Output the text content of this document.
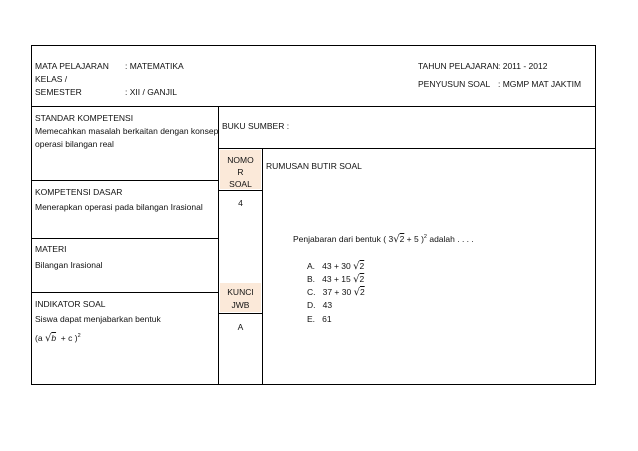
MATA PELAJARAN : MATEMATIKA
KELAS /
SEMESTER	: XII / GANJIL
TAHUN PELAJARAN : 2011 - 2012
PENYUSUN SOAL : MGMP MAT JAKTIM
STANDAR KOMPETENSI
Memecahkan masalah berkaitan dengan konsep
operasi bilangan real
KOMPETENSI DASAR
Menerapkan operasi pada bilangan Irasional
MATERI
Bilangan Irasional
INDIKATOR SOAL
Siswa dapat menjabarkan bentuk
(a √b + c )$^2$
BUKU SUMBER :
NOMO
R
SOAL
4
KUNCI
JWB
A
RUMUSAN BUTIR SOAL
Penjabaran dari bentuk ( 3√2 + 5 )$^2$ adalah . . . .
A. 43 + 30 √2
B. 43 + 15 √2
C. 37 + 30 √2
D. 43
E. 61
